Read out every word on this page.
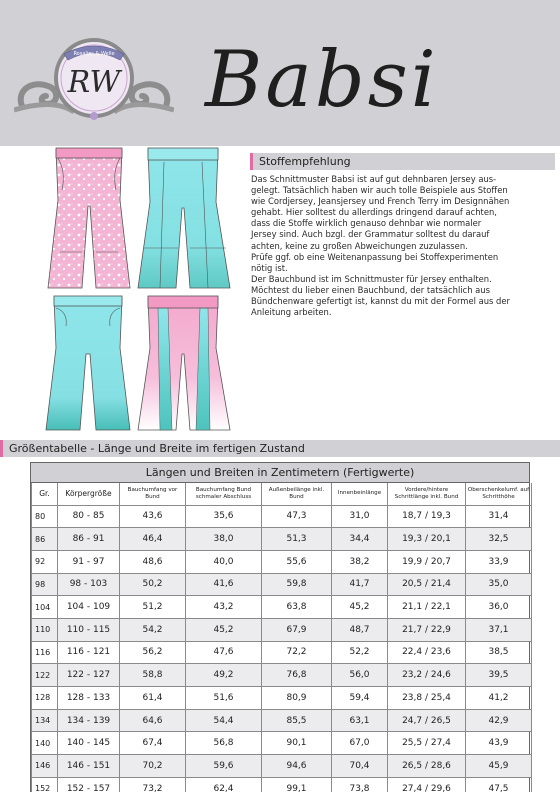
Rosalies & Welle
RW Babsi
Stoffempfehlung

Das Schnittmuster Babsi ist auf gut dehnbaren Jersey aus-

gelegt. Tatsächlich haben wir auch tolle Beispiele aus Stoffen

wie Cordjersey, Jeansjersey und French Terry im Designnähen

gehabt. Hier solltest du allerdings dringend darauf achten,

dass die Stoffe wirklich genauso dehnbar wie normaler

Jersey sind. Auch bzgl. der Grammatur solltest du darauf

achten, keine zu großen Abweichungen zuzulassen.

Prüfe ggf. ob eine Weitenanpassung bei Stoffexperimenten

nötig ist.

Der Bauchbund ist im Schnittmuster für Jersey enthalten.

Möchtest du lieber einen Bauchbund, der tatsächlich aus

Bündchenware gefertigt ist, kannst du mit der Formel aus der

Anleitung arbeiten.

Größentabelle - Länge und Breite im fertigen Zustand
Längen und Breiten in Zentimetern (Fertigwerte)
Gr.	Körpergröße	Bauchumfang vor Bund	Bauchumfang Bund schmaler Abschluss	Außenbeilänge inkl. Bund	Innenbeinlänge	Vordere/hintere Schrittlänge inkl. Bund	Oberschenkelumf. auf Schritthöhe
80	80 - 85	43,6	35,6	47,3	31,0	18,7 / 19,3	31,4
86	86 - 91	46,4	38,0	51,3	34,4	19,3 / 20,1	32,5
92	91 - 97	48,6	40,0	55,6	38,2	19,9 / 20,7	33,9
98	98 - 103	50,2	41,6	59,8	41,7	20,5 / 21,4	35,0
104	104 - 109	51,2	43,2	63,8	45,2	21,1 / 22,1	36,0
110	110 - 115	54,2	45,2	67,9	48,7	21,7 / 22,9	37,1
116	116 - 121	56,2	47,6	72,2	52,2	22,4 / 23,6	38,5
122	122 - 127	58,8	49,2	76,8	56,0	23,2 / 24,6	39,5
128	128 - 133	61,4	51,6	80,9	59,4	23,8 / 25,4	41,2
134	134 - 139	64,6	54,4	85,5	63,1	24,7 / 26,5	42,9
140	140 - 145	67,4	56,8	90,1	67,0	25,5 / 27,4	43,9
146	146 - 151	70,2	59,6	94,6	70,4	26,5 / 28,6	45,9
152	152 - 157	73,2	62,4	99,1	73,8	27,4 / 29,6	47,5
